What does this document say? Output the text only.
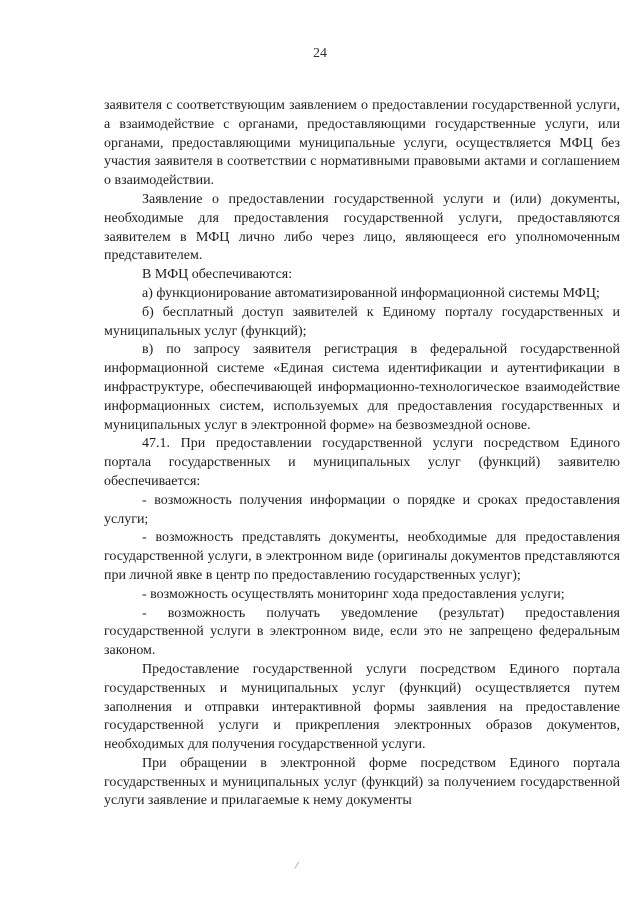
24

заявителя с соответствующим заявлением о предоставлении государственной услуги, а взаимодействие с органами, предоставляющими государственные услуги, или органами, предоставляющими муниципальные услуги, осуществляется МФЦ без участия заявителя в соответствии с нормативными правовыми актами и соглашением о взаимодействии.

Заявление о предоставлении государственной услуги и (или) документы, необходимые для предоставления государственной услуги, предоставляются заявителем в МФЦ лично либо через лицо, являющееся его уполномоченным представителем.

В МФЦ обеспечиваются:

а) функционирование автоматизированной информационной системы МФЦ;

б) бесплатный доступ заявителей к Единому порталу государственных и муниципальных услуг (функций);

в) по запросу заявителя регистрация в федеральной государственной информационной системе «Единая система идентификации и аутентификации в инфраструктуре, обеспечивающей информационно-технологическое взаимодействие информационных систем, используемых для предоставления государственных и муниципальных услуг в электронной форме» на безвозмездной основе.

47.1. При предоставлении государственной услуги посредством Единого портала государственных и муниципальных услуг (функций) заявителю обеспечивается:

- возможность получения информации о порядке и сроках предоставления услуги;

- возможность представлять документы, необходимые для предоставления государственной услуги, в электронном виде (оригиналы документов представляются при личной явке в центр по предоставлению государственных услуг);

- возможность осуществлять мониторинг хода предоставления услуги;

- возможность получать уведомление (результат) предоставления государственной услуги в электронном виде, если это не запрещено федеральным законом.

Предоставление государственной услуги посредством Единого портала государственных и муниципальных услуг (функций) осуществляется путем заполнения и отправки интерактивной формы заявления на предоставление государственной услуги и прикрепления электронных образов документов, необходимых для получения государственной услуги.

При обращении в электронной форме посредством Единого портала государственных и муниципальных услуг (функций) за получением государственной услуги заявление и прилагаемые к нему документы
